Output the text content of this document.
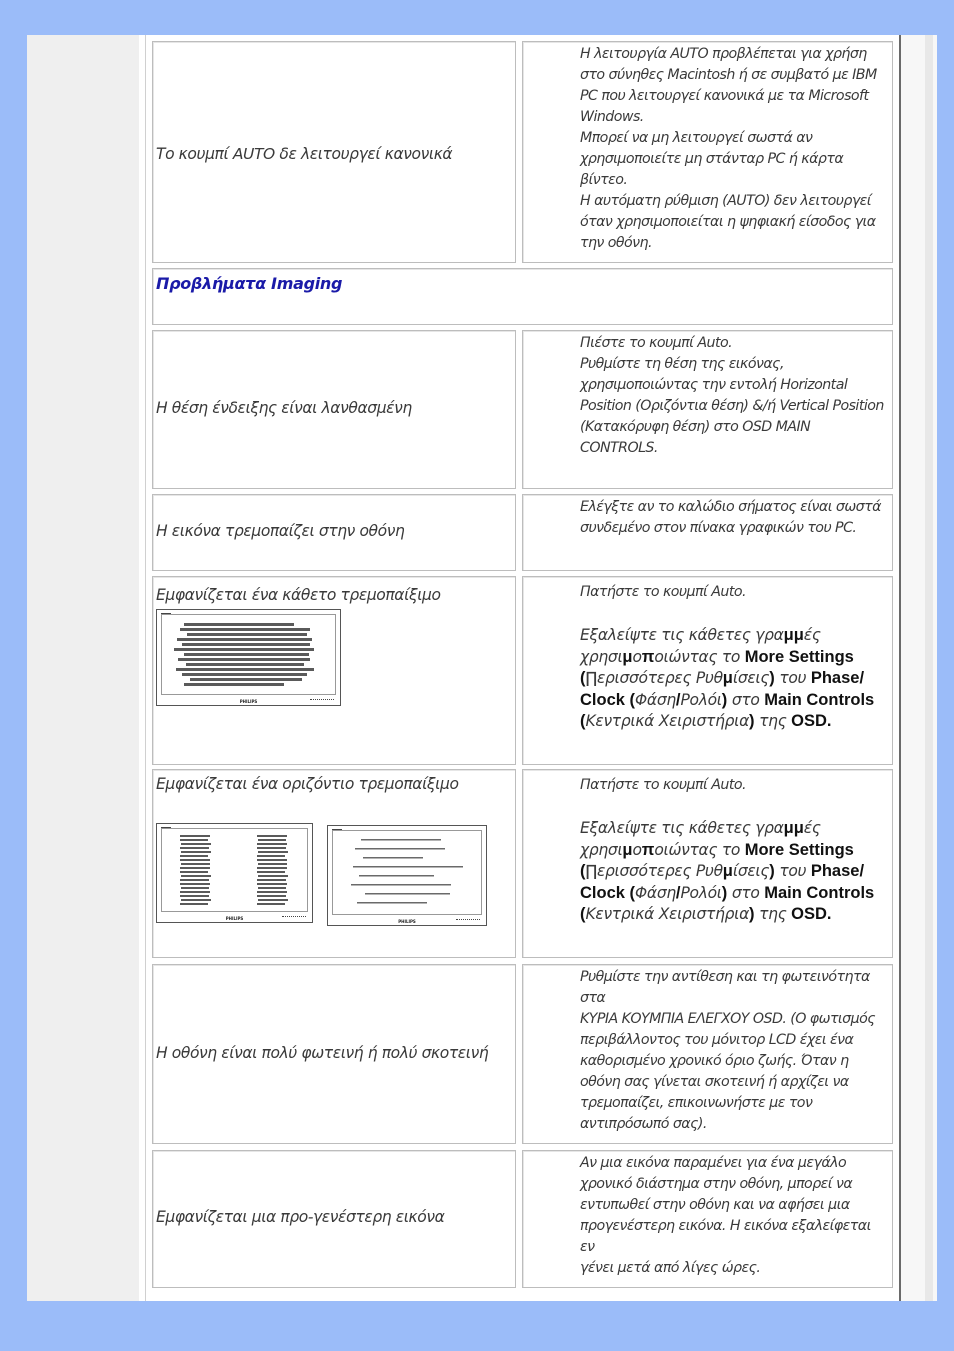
Το κουμπί AUTO δε λειτουργεί κανονικά

Η λειτουργία AUTO προβλέπεται για χρήση

στο σύνηθες Macintosh ή σε συμβατό με IBM

PC που λειτουργεί κανονικά με τα Microsoft

Windows.

Μπορεί να μη λειτουργεί σωστά αν

χρησιμοποιείτε μη στάνταρ PC ή κάρτα βίντεο.

Η αυτόματη ρύθμιση (AUTO) δεν λειτουργεί

όταν χρησιμοποιείται η ψηφιακή είσοδος για

την οθόνη.

Προβλήματα Imaging
Η θέση ένδειξης είναι λανθασμένη

Πιέστε το κουμπί Auto.

Ρυθμίστε τη θέση της εικόνας,

χρησιμοποιώντας την εντολή Horizontal

Position (Οριζόντια θέση) &/ή Vertical Position

(Κατακόρυφη θέση) στο OSD MAIN

CONTROLS.

Η εικόνα τρεμοπαίζει στην οθόνη

Ελέγξτε αν το καλώδιο σήματος είναι σωστά

συνδεμένο στον πίνακα γραφικών του PC.

Εμφανίζεται ένα κάθετο τρεμοπαίξιμο
PHILIPS

Πατήστε το κουμπί Auto.

Εξαλείψτε τις κάθετες γραμμές

χρησιμοποιώντας το More Settings

(∏ερισσότερες Ρυθμίσεις) του Phase/

Clock (Φάση/Ρολόι) στο Main Controls

(Κεντρικά Χειριστήρια) της OSD.

Εμφανίζεται ένα οριζόντιο τρεμοπαίξιμο
PHILIPS
PHILIPS

Πατήστε το κουμπί Auto.

Εξαλείψτε τις κάθετες γραμμές

χρησιμοποιώντας το More Settings

(∏ερισσότερες Ρυθμίσεις) του Phase/

Clock (Φάση/Ρολόι) στο Main Controls

(Κεντρικά Χειριστήρια) της OSD.

Η οθόνη είναι πολύ φωτεινή ή πολύ σκοτεινή

Ρυθμίστε την αντίθεση και τη φωτεινότητα στα

ΚΥΡΙΑ ΚΟΥΜΠΙΑ ΕΛΕΓΧΟΥ OSD. (Ο φωτισμός

περιβάλλοντος του μόνιτορ LCD έχει ένα

καθορισμένο χρονικό όριο ζωής. Όταν η

οθόνη σας γίνεται σκοτεινή ή αρχίζει να

τρεμοπαίζει, επικοινωνήστε με τον

αντιπρόσωπό σας).

Εμφανίζεται μια προ-γενέστερη εικόνα

Αν μια εικόνα παραμένει για ένα μεγάλο

χρονικό διάστημα στην οθόνη, μπορεί να

εντυπωθεί στην οθόνη και να αφήσει μια

προγενέστερη εικόνα. Η εικόνα εξαλείφεται εν

γένει μετά από λίγες ώρες.
